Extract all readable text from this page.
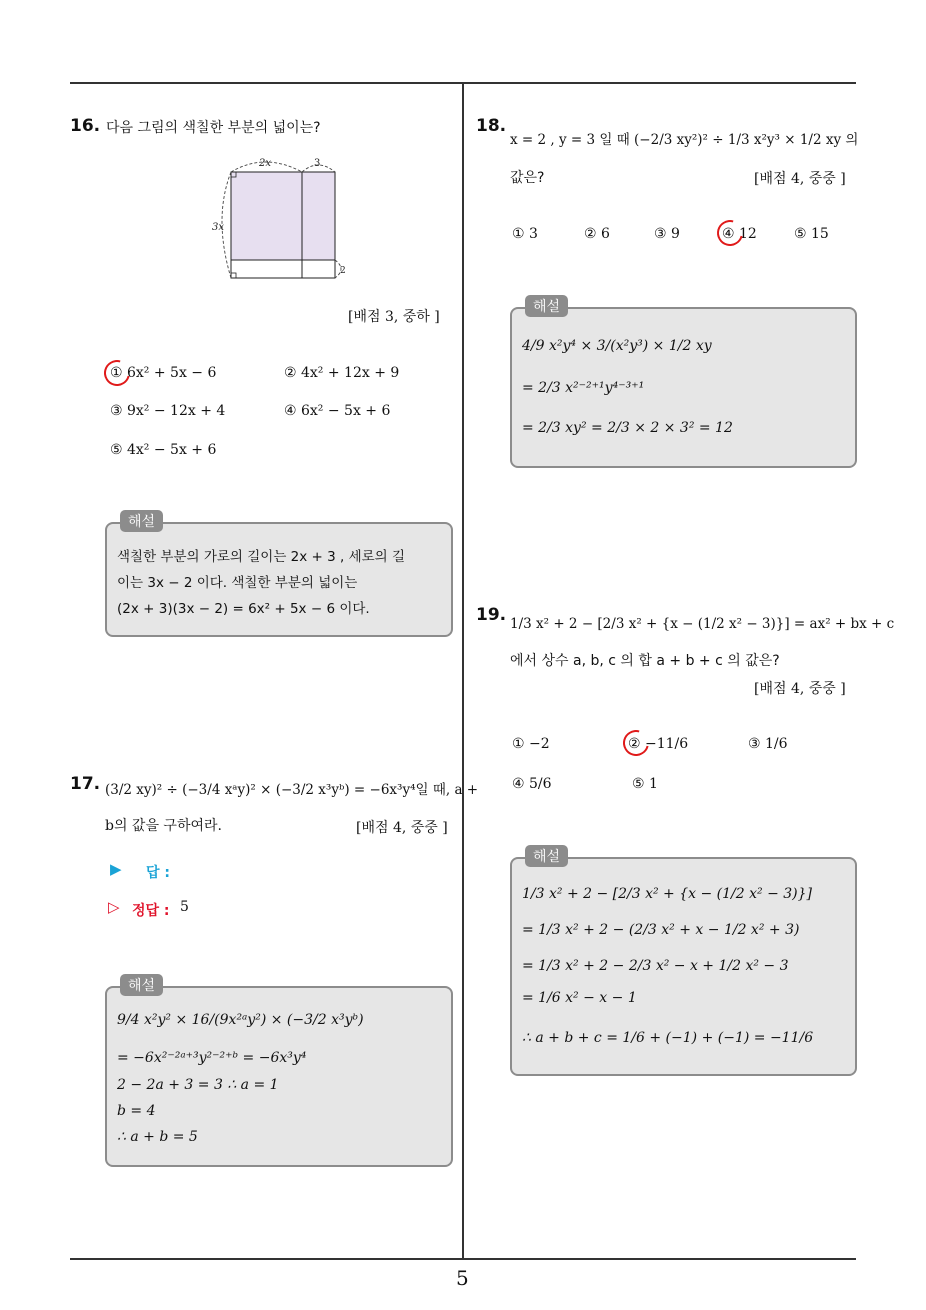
5
16. 다음 그림의 색칠한 부분의 넓이는?
2x	3
3x
2
[배점 3, 중하 ]
① 6x² + 5x − 6	② 4x² + 12x + 9
③ 9x² − 12x + 4	④ 6x² − 5x + 6
⑤ 4x² − 5x + 6
해설
색칠한 부분의 가로의 길이는 2x + 3 , 세로의 길
이는 3x − 2 이다. 색칠한 부분의 넓이는
(2x + 3)(3x − 2) = 6x² + 5x − 6 이다.
17. (3/2 xy)² ÷ (−3/4 xᵃy)² × (−3/2 x³yᵇ) = −6x³y⁴일 때, a +
b의 값을 구하여라.	[배점 4, 중중 ]
▶ 답 :
▷ 정답 : 5
해설
9/4 x²y² × 16/(9x²ᵃy²) × (−3/2 x³yᵇ)
= −6x²⁻²ᵃ⁺³y²⁻²⁺ᵇ = −6x³y⁴
2 − 2a + 3 = 3 ∴ a = 1
b = 4
∴ a + b = 5
18.
x = 2 , y = 3 일 때 (−2/3 xy²)² ÷ 1/3 x²y³ × 1/2 xy 의
값은?	[배점 4, 중중 ]
① 3	② 6	③ 9	④ 12	⑤ 15
해설
4/9 x²y⁴ × 3/(x²y³) × 1/2 xy
= 2/3 x²⁻²⁺¹y⁴⁻³⁺¹
= 2/3 xy² = 2/3 × 2 × 3² = 12
19. 1/3 x² + 2 − [2/3 x² + {x − (1/2 x² − 3)}] = ax² + bx + c
에서 상수 a, b, c 의 합 a + b + c 의 값은?
[배점 4, 중중 ]
① −2	② −11/6	③ 1/6
④ 5/6	⑤ 1
해설
1/3 x² + 2 − [2/3 x² + {x − (1/2 x² − 3)}]
= 1/3 x² + 2 − (2/3 x² + x − 1/2 x² + 3)
= 1/3 x² + 2 − 2/3 x² − x + 1/2 x² − 3
= 1/6 x² − x − 1
∴ a + b + c = 1/6 + (−1) + (−1) = −11/6
